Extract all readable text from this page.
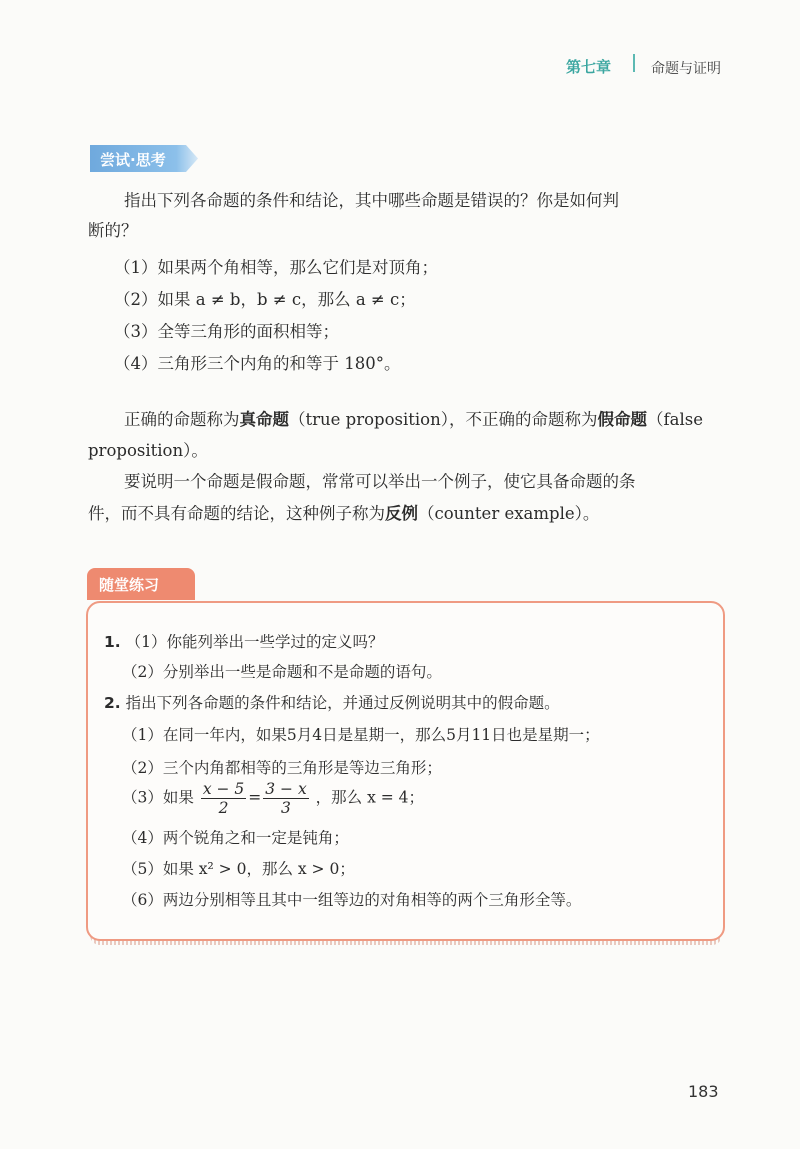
第七章	命题与证明
尝试·思考
指出下列各命题的条件和结论，其中哪些命题是错误的？你是如何判
断的？
（1）如果两个角相等，那么它们是对顶角；
（2）如果 a ≠ b，b ≠ c，那么 a ≠ c；
（3）全等三角形的面积相等；
（4）三角形三个内角的和等于 180°。
正确的命题称为真命题（true proposition），不正确的命题称为假命题（false
proposition）。
要说明一个命题是假命题，常常可以举出一个例子，使它具备命题的条
件，而不具有命题的结论，这种例子称为反例（counter example）。
随堂练习
1. （1）你能列举出一些学过的定义吗？
（2）分别举出一些是命题和不是命题的语句。
2. 指出下列各命题的条件和结论，并通过反例说明其中的假命题。
（1）在同一年内，如果5月4日是星期一，那么5月11日也是星期一；
（2）三个内角都相等的三角形是等边三角形；
（3）如果 $\frac{x - 5}{2} = \frac{3 - x}{3}$ ，那么 x = 4；
（4）两个锐角之和一定是钝角；
（5）如果 x² > 0，那么 x > 0；
（6）两边分别相等且其中一组等边的对角相等的两个三角形全等。
183
